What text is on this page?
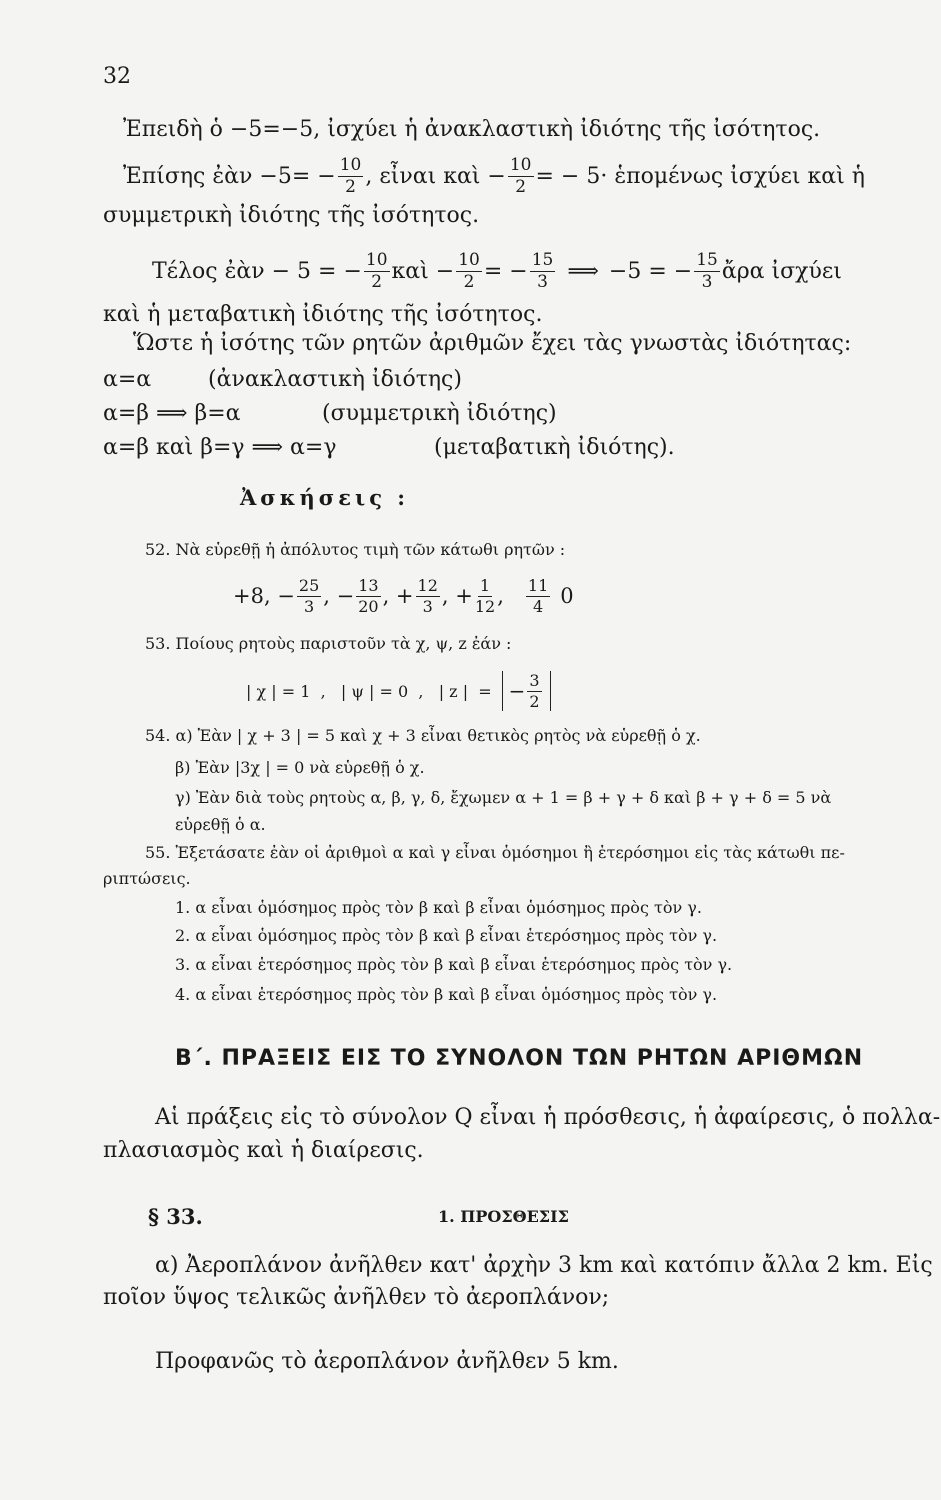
32
Ἐπειδὴ ὁ −5=−5, ἰσχύει ἡ ἀνακλαστικὴ ἰδιότης τῆς ἰσότητος.
Ἐπίσης ἐὰν $-5= - \frac{10}{2}$ , εἶναι καὶ − $\frac{10}{2}$ = − 5· ἑπομένως ἰσχύει καὶ ἡ
συμμετρικὴ ἰδιότης τῆς ἰσότητος.
Τέλος ἐὰν − 5 = − $\frac{10}{2}$ καὶ − $\frac{10}{2}$ = − $\frac{15}{3}$ ⟹ −5 = − $\frac{15}{3}$ ἄρα ἰσχύει
καὶ ἡ μεταβατικὴ ἰδιότης τῆς ἰσότητος.
Ὥστε ἡ ἰσότης τῶν ρητῶν ἀριθμῶν ἔχει τὰς γνωστὰς ἰδιότητας:
α=α	(ἀνακλαστικὴ ἰδιότης)
α=β ⟹ β=α	(συμμετρικὴ ἰδιότης)
α=β καὶ β=γ ⟹ α=γ	(μεταβατικὴ ἰδιότης).
Ἀσκήσεις :
52. Νὰ εὑρεθῇ ἡ ἀπόλυτος τιμὴ τῶν κάτωθι ρητῶν :
+8, − $\frac{25}{3}$ , − $\frac{13}{20}$ , + $\frac{12}{3}$ , + $\frac{1}{12}$ , $\frac{11}{4} 0$
53. Ποίους ρητοὺς παριστοῦν τὰ χ, ψ, z ἐάν :
| χ | = 1  ,   | ψ | = 0  ,   | z |  = − $\frac{3}{2}$
54. α) Ἐὰν | χ + 3 | = 5 καὶ χ + 3 εἶναι θετικὸς ρητὸς νὰ εὑρεθῇ ὁ χ.
β) Ἐὰν |3χ | = 0 νὰ εὑρεθῇ ὁ χ.
γ) Ἐὰν διὰ τοὺς ρητοὺς α, β, γ, δ, ἔχωμεν α + 1 = β + γ + δ καὶ β + γ + δ = 5 νὰ
εὑρεθῇ ὁ α.
55. Ἐξετάσατε ἐὰν οἱ ἀριθμοὶ α καὶ γ εἶναι ὁμόσημοι ἢ ἑτερόσημοι εἰς τὰς κάτωθι πε-
ριπτώσεις.
1. α εἶναι ὁμόσημος πρὸς τὸν β καὶ β εἶναι ὁμόσημος πρὸς τὸν γ.
2. α εἶναι ὁμόσημος πρὸς τὸν β καὶ β εἶναι ἑτερόσημος πρὸς τὸν γ.
3. α εἶναι ἑτερόσημος πρὸς τὸν β καὶ β εἶναι ἑτερόσημος πρὸς τὸν γ.
4. α εἶναι ἑτερόσημος πρὸς τὸν β καὶ β εἶναι ὁμόσημος πρὸς τὸν γ.
Β΄. ΠΡΑΞΕΙΣ ΕΙΣ ΤΟ ΣΥΝΟΛΟΝ ΤΩΝ ΡΗΤΩΝ ΑΡΙΘΜΩΝ
Αἱ πράξεις εἰς τὸ σύνολον Q εἶναι ἡ πρόσθεσις, ἡ ἀφαίρεσις, ὁ πολλα-
πλασιασμὸς καὶ ἡ διαίρεσις.
§ 33.	1. ΠΡΟΣΘΕΣΙΣ
α) Ἀεροπλάνον ἀνῆλθεν κατ' ἀρχὴν 3 km καὶ κατόπιν ἄλλα 2 km. Εἰς
ποῖον ὕψος τελικῶς ἀνῆλθεν τὸ ἀεροπλάνον;
Προφανῶς τὸ ἀεροπλάνον ἀνῆλθεν 5 km.
